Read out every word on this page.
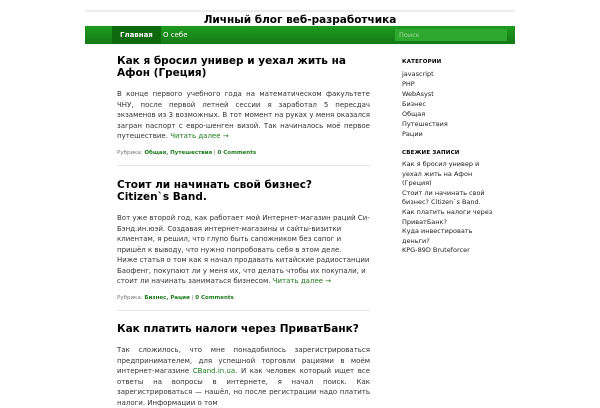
Личный блог веб-разработчика
Главная	О себе
Поиск
Как я бросил универ и уехал жить на
Афон (Греция)
В конце первого учебного года на математическом факультете ЧНУ, после первой летней сессии я заработал 5 пересдач экзаменов из 3 возможных. В тот момент на руках у меня оказался загран паспорт с евро-шенген визой. Так начиналось моё первое путешествие. Читать далее →
Рубрика: Общая, Путешествия | 0 Comments
Стоит ли начинать свой бизнес?
Citizen`s Band.
Вот уже второй год, как работает мой Интернет-магазин раций Си-Бэнд.ин.юэй. Создавая интернет-магазины и сайты-визитки клиентам, я решил, что глупо быть сапожником без сапог и пришёл к выводу, что нужно попробовать себя в этом деле.
Ниже статья о том как я начал продавать китайские радиостанции Баофенг, покупают ли у меня их, что делать чтобы их покупали, и стоит ли начинать заниматься бизнесом. Читать далее →
Рубрика: Бизнес, Рации | 0 Comments
Как платить налоги через ПриватБанк?
Так сложилось, что мне понадобилось зарегистрироваться предпринимателем, для успешной торговли рациями в моём интернет-магазине CBand.in.ua. И как человек который ищет все ответы на вопросы в интернете, я начал поиск. Как зарегистрироваться — нашёл, но после регистрации надо платить налоги. Информации о том
КАТЕГОРИИ
javascript
PHP
WebAsyst
Бизнес
Общая
Путешествия
Рации
СВЕЖИЕ ЗАПИСИ
Как я бросил универ и
уехал жить на Афон
(Греция)
Стоит ли начинать свой
бизнес? Citizen`s Band.
Как платить налоги через
ПриватБанк?
Куда инвестировать
деньги?
KPG-89D Bruteforcer
